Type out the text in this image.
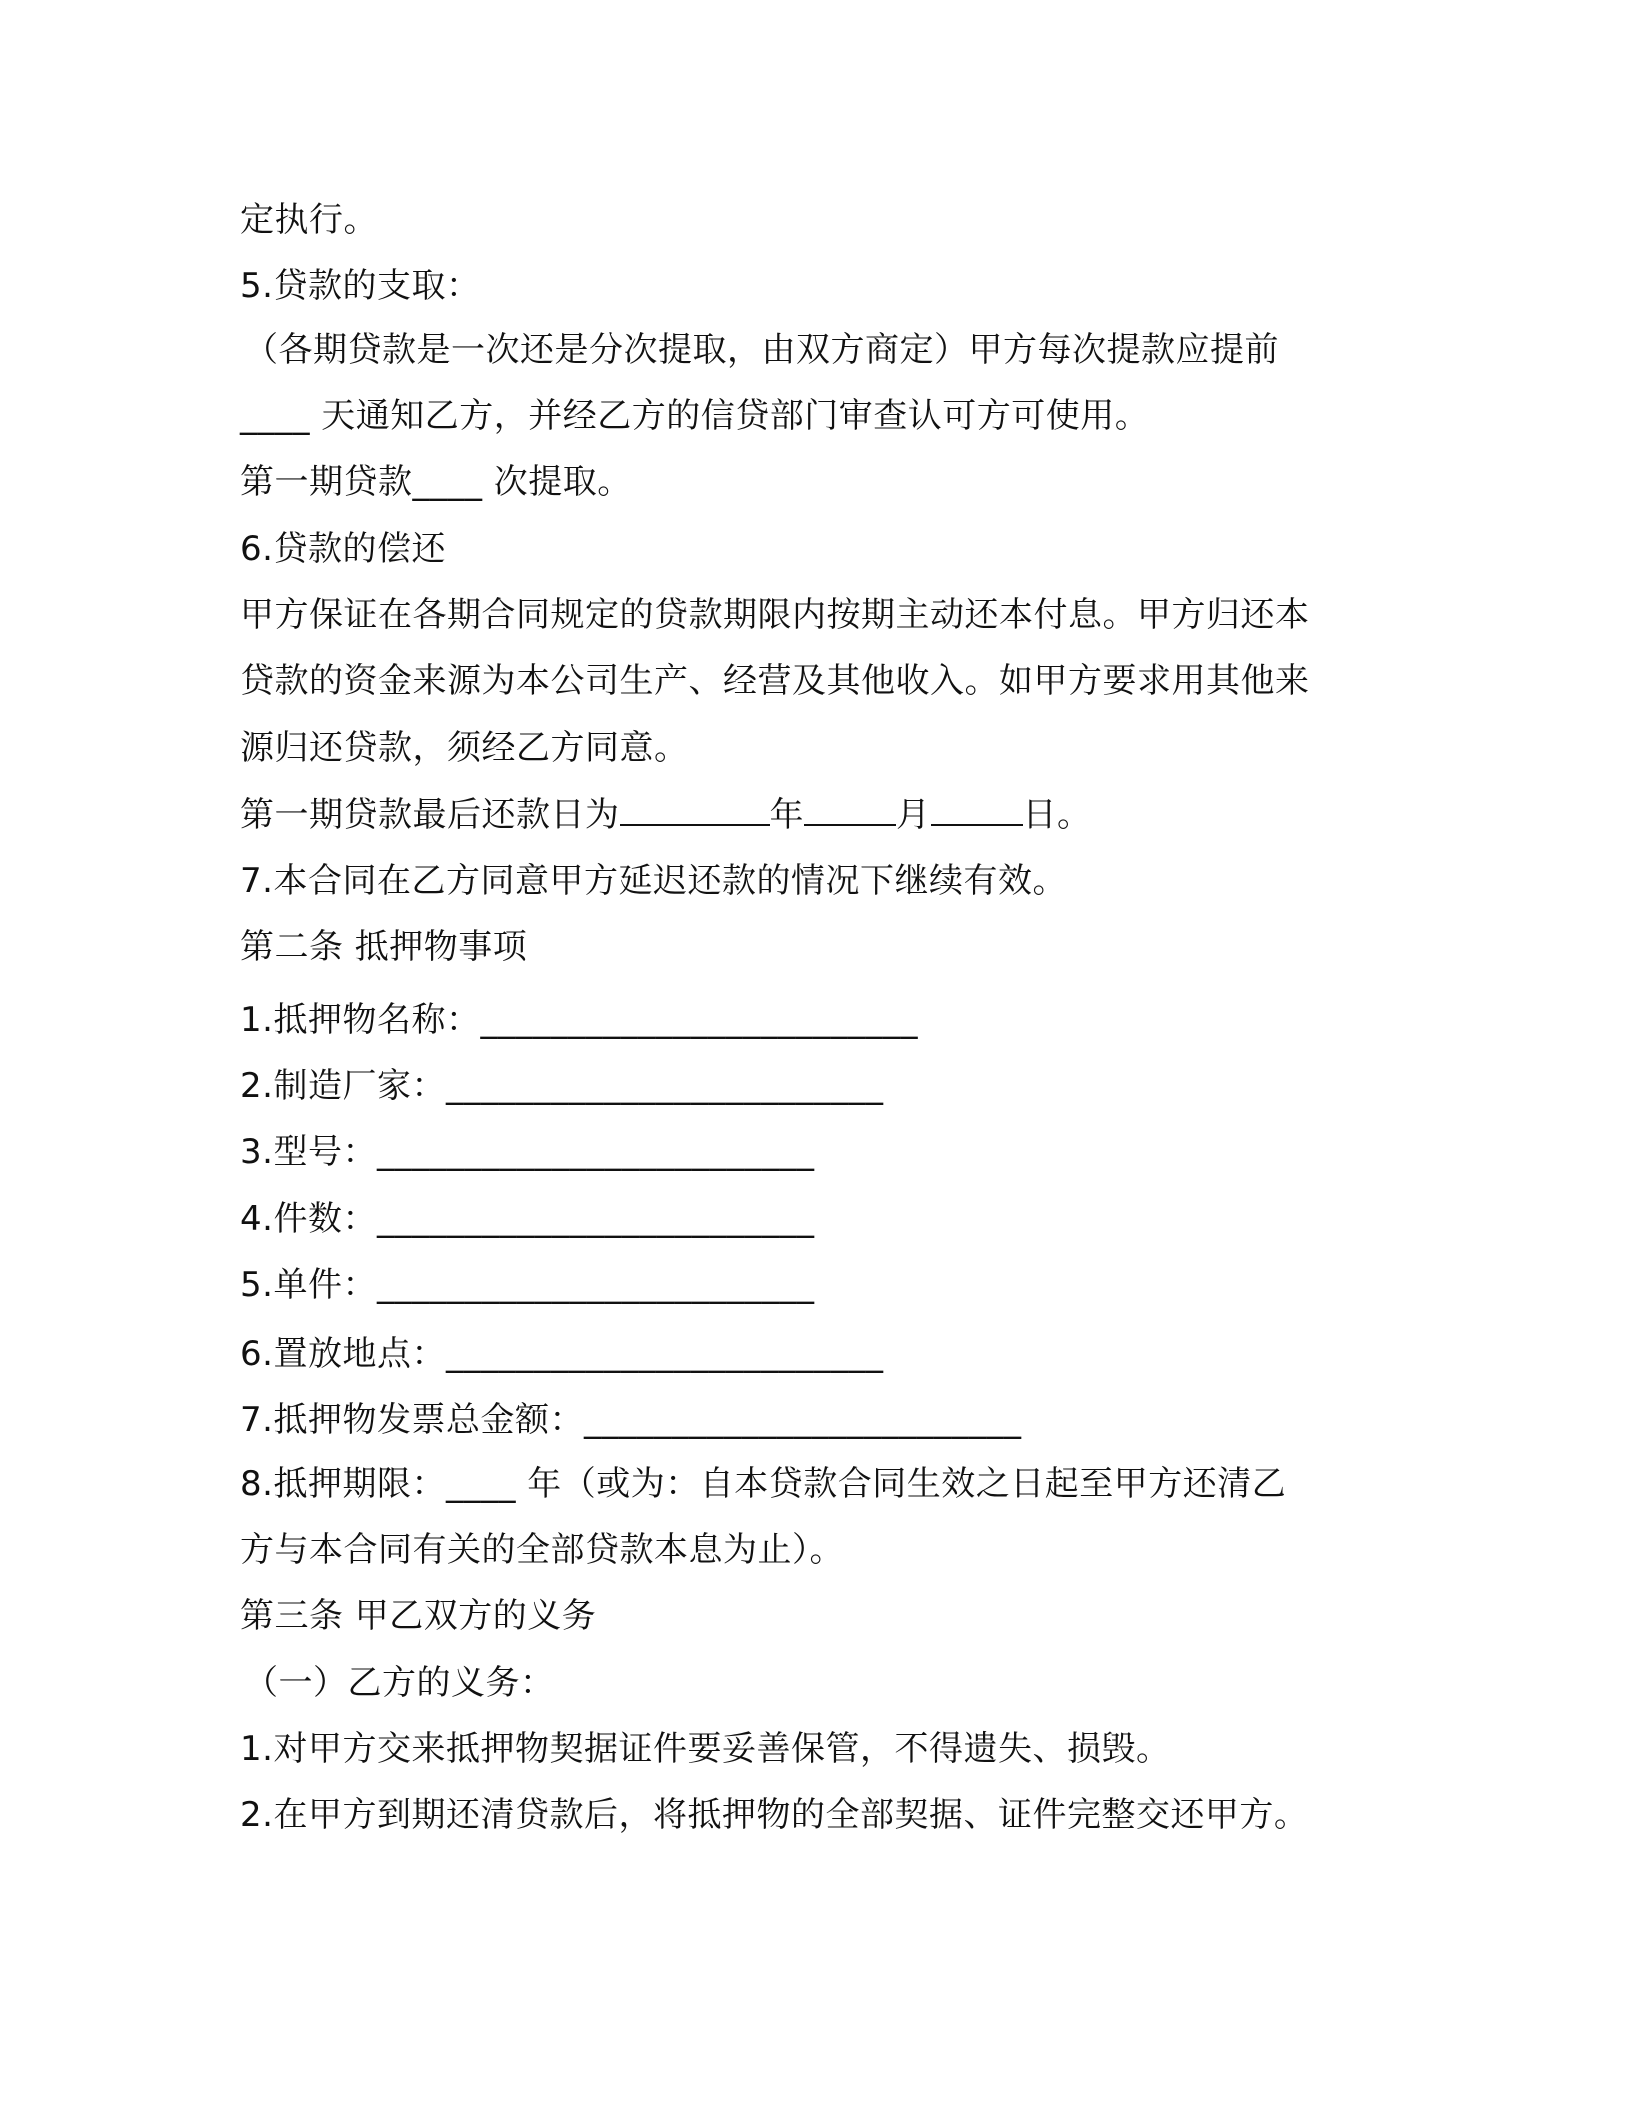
定执行。

5.贷款的支取：

（各期贷款是一次还是分次提取，由双方商定）甲方每次提款应提前

____ 天通知乙方，并经乙方的信贷部门审查认可方可使用。

第一期贷款____ 次提取。

6.贷款的偿还

甲方保证在各期合同规定的贷款期限内按期主动还本付息。甲方归还本

贷款的资金来源为本公司生产、经营及其他收入。如甲方要求用其他来

源归还贷款，须经乙方同意。

第一期贷款最后还款日为	年	月	日。

7.本合同在乙方同意甲方延迟还款的情况下继续有效。

第二条 抵押物事项

1.抵押物名称：_________________________

2.制造厂家：_________________________

3.型号：_________________________

4.件数：_________________________

5.单件：_________________________

6.置放地点：_________________________

7.抵押物发票总金额：_________________________

8.抵押期限：____ 年（或为：自本贷款合同生效之日起至甲方还清乙

方与本合同有关的全部贷款本息为止）。

第三条 甲乙双方的义务

（一）乙方的义务：

1.对甲方交来抵押物契据证件要妥善保管，不得遗失、损毁。

2.在甲方到期还清贷款后，将抵押物的全部契据、证件完整交还甲方。
